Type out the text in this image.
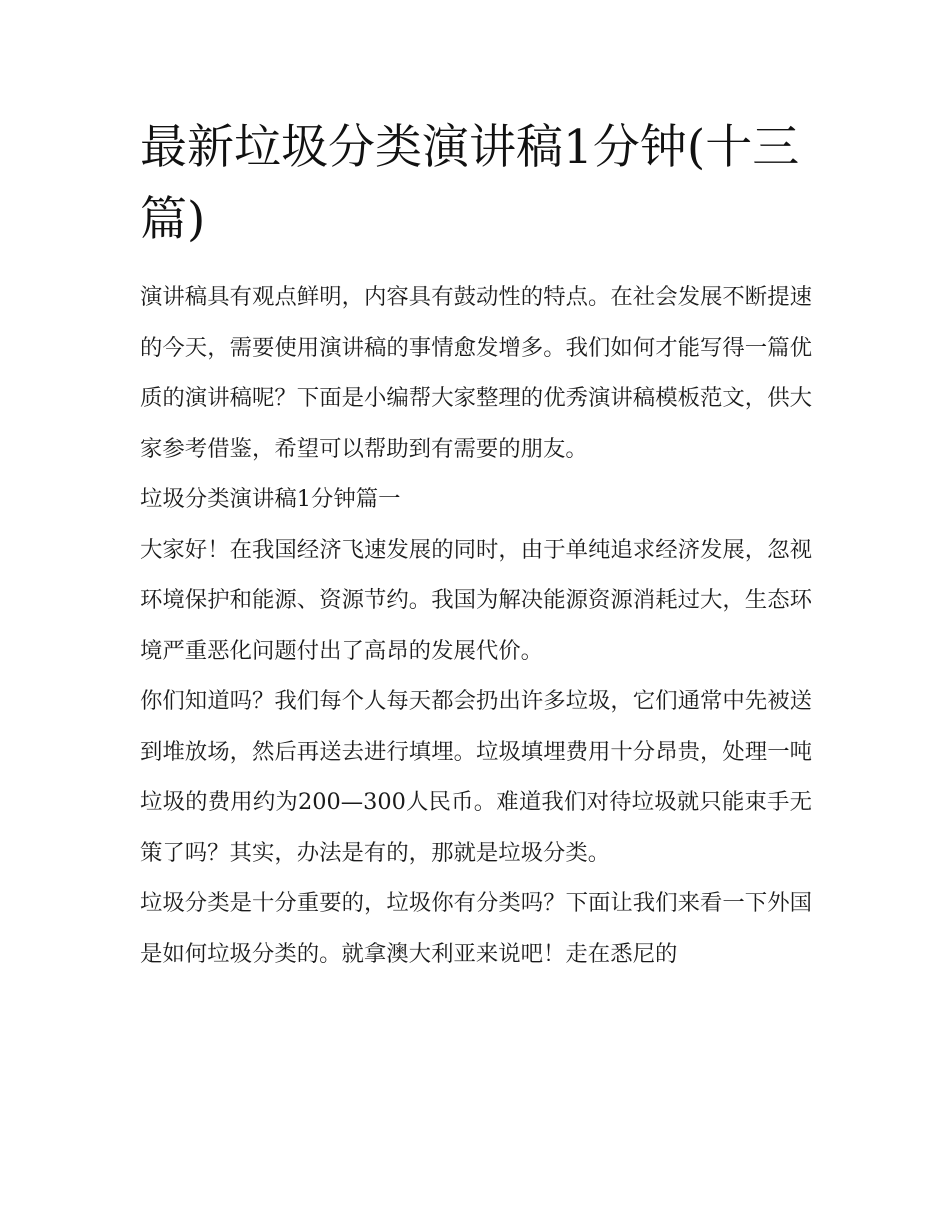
最新垃圾分类演讲稿1分钟(十三篇)

演讲稿具有观点鲜明，内容具有鼓动性的特点。在社会发展不断提速的今天，需要使用演讲稿的事情愈发增多。我们如何才能写得一篇优质的演讲稿呢？下面是小编帮大家整理的优秀演讲稿模板范文，供大家参考借鉴，希望可以帮助到有需要的朋友。

垃圾分类演讲稿1分钟篇一

大家好！在我国经济飞速发展的同时，由于单纯追求经济发展，忽视环境保护和能源、资源节约。我国为解决能源资源消耗过大，生态环境严重恶化问题付出了高昂的发展代价。

你们知道吗？我们每个人每天都会扔出许多垃圾，它们通常中先被送到堆放场，然后再送去进行填埋。垃圾填埋费用十分昂贵，处理一吨垃圾的费用约为200—300人民币。难道我们对待垃圾就只能束手无策了吗？其实，办法是有的，那就是垃圾分类。

垃圾分类是十分重要的，垃圾你有分类吗？下面让我们来看一下外国是如何垃圾分类的。就拿澳大利亚来说吧！走在悉尼的
